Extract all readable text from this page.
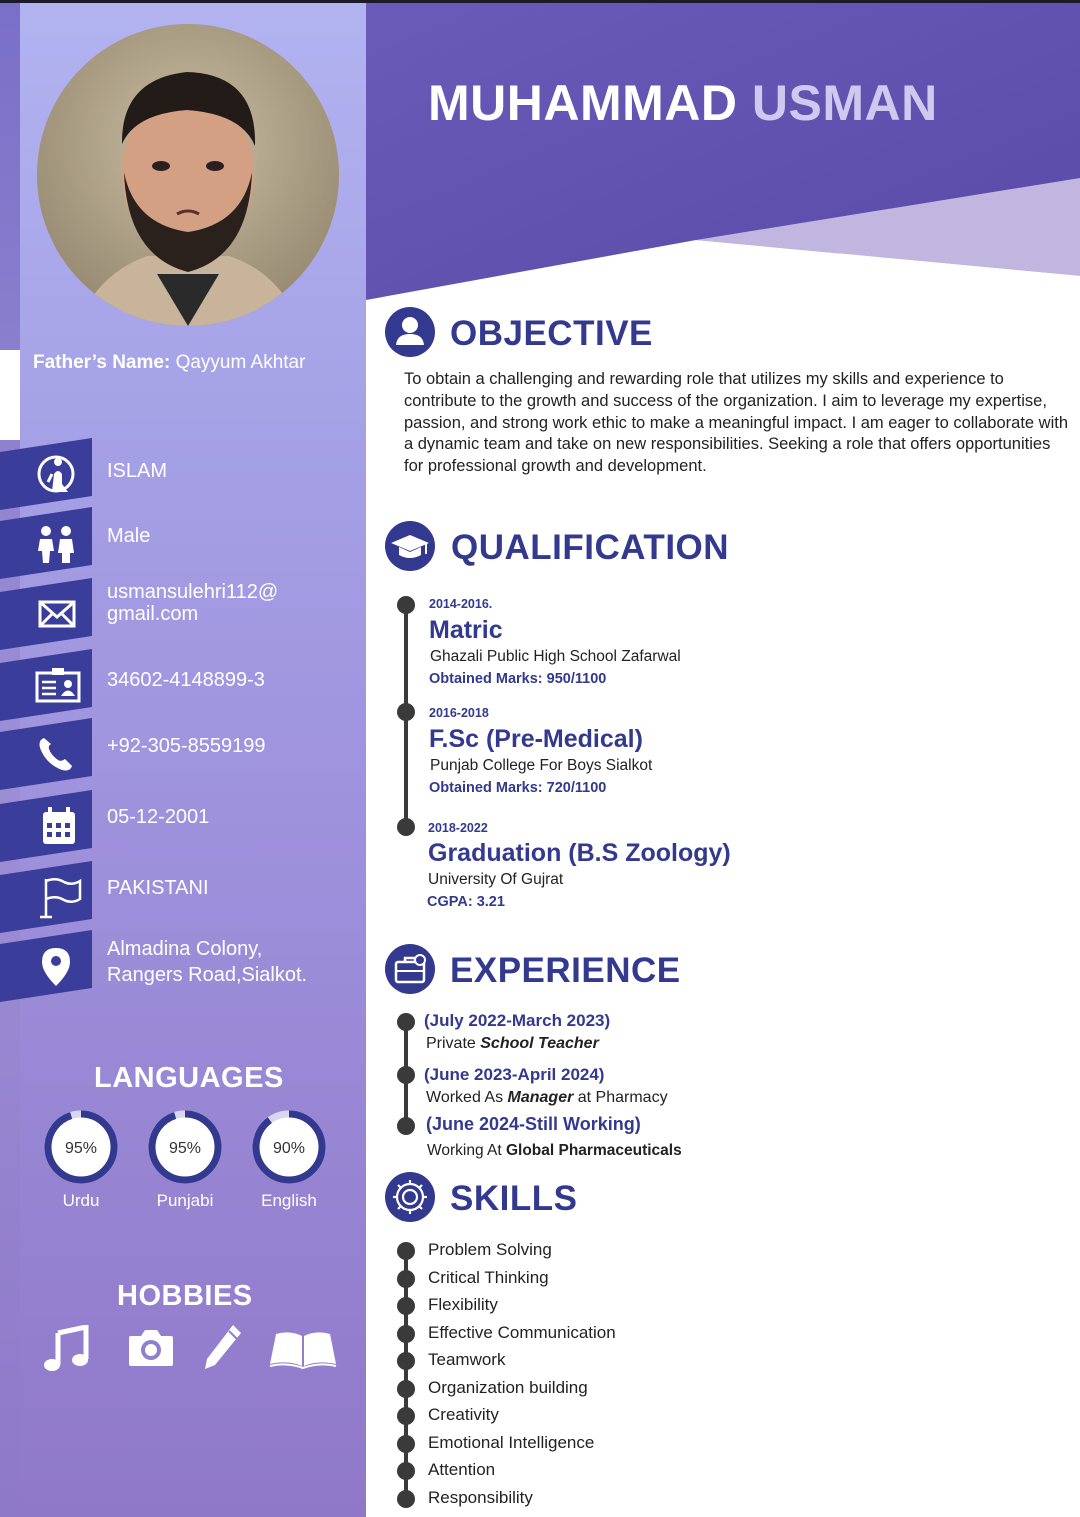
Father’s Name: Qayyum Akhtar
ISLAM
Male
usmansulehri112@
gmail.com
34602-4148899-3
+92-305-8559199
05-12-2001
PAKISTANI
Almadina Colony,
Rangers Road,Sialkot.
LANGUAGES
95%
Urdu
95%
Punjabi
90%
English
HOBBIES
MUHAMMAD USMAN
OBJECTIVE
To obtain a challenging and rewarding role that utilizes my skills and experience to contribute to the growth and success of the organization. I aim to leverage my expertise, passion, and strong work ethic to make a meaningful impact. I am eager to collaborate with a dynamic team and take on new responsibilities. Seeking a role that offers opportunities for professional growth and development.
QUALIFICATION
2014-2016.
Matric
Ghazali Public High School Zafarwal
Obtained Marks: 950/1100
2016-2018
F.Sc (Pre-Medical)
Punjab College For Boys Sialkot
Obtained Marks: 720/1100
2018-2022
Graduation (B.S Zoology)
University Of Gujrat
CGPA: 3.21
EXPERIENCE
(July 2022-March 2023)
Private School Teacher
(June 2023-April 2024)
Worked As Manager at Pharmacy
(June 2024-Still Working)
Working At Global Pharmaceuticals
SKILLS
Problem Solving
Critical Thinking
Flexibility
Effective Communication
Teamwork
Organization building
Creativity
Emotional Intelligence
Attention
Responsibility
